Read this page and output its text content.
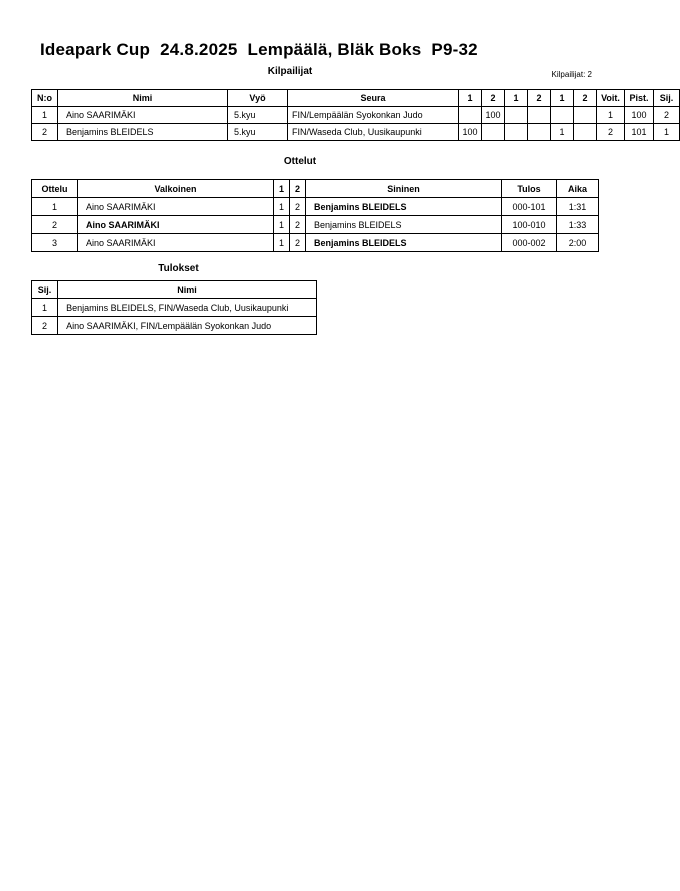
Ideapark Cup 24.8.2025 Lempäälä, Bläk Boks P9-32
Kilpailijat	Kilpailijat: 2
N:o	Nimi	Vyö	Seura	1	2	1	2	1	2	Voit.	Pist.	Sij.
1	Aino SAARIMÄKI	5.kyu	FIN/Lempäälän Syokonkan Judo		100					1	100	2
2	Benjamins BLEIDELS	5.kyu	FIN/Waseda Club, Uusikaupunki	100				1		2	101	1
Ottelut
Ottelu	Valkoinen	1	2	Sininen	Tulos	Aika
1	Aino SAARIMÄKI	1	2	Benjamins BLEIDELS	000-101	1:31
2	Aino SAARIMÄKI	1	2	Benjamins BLEIDELS	100-010	1:33
3	Aino SAARIMÄKI	1	2	Benjamins BLEIDELS	000-002	2:00
Tulokset
Sij.	Nimi
1	Benjamins BLEIDELS, FIN/Waseda Club, Uusikaupunki
2	Aino SAARIMÄKI, FIN/Lempäälän Syokonkan Judo
